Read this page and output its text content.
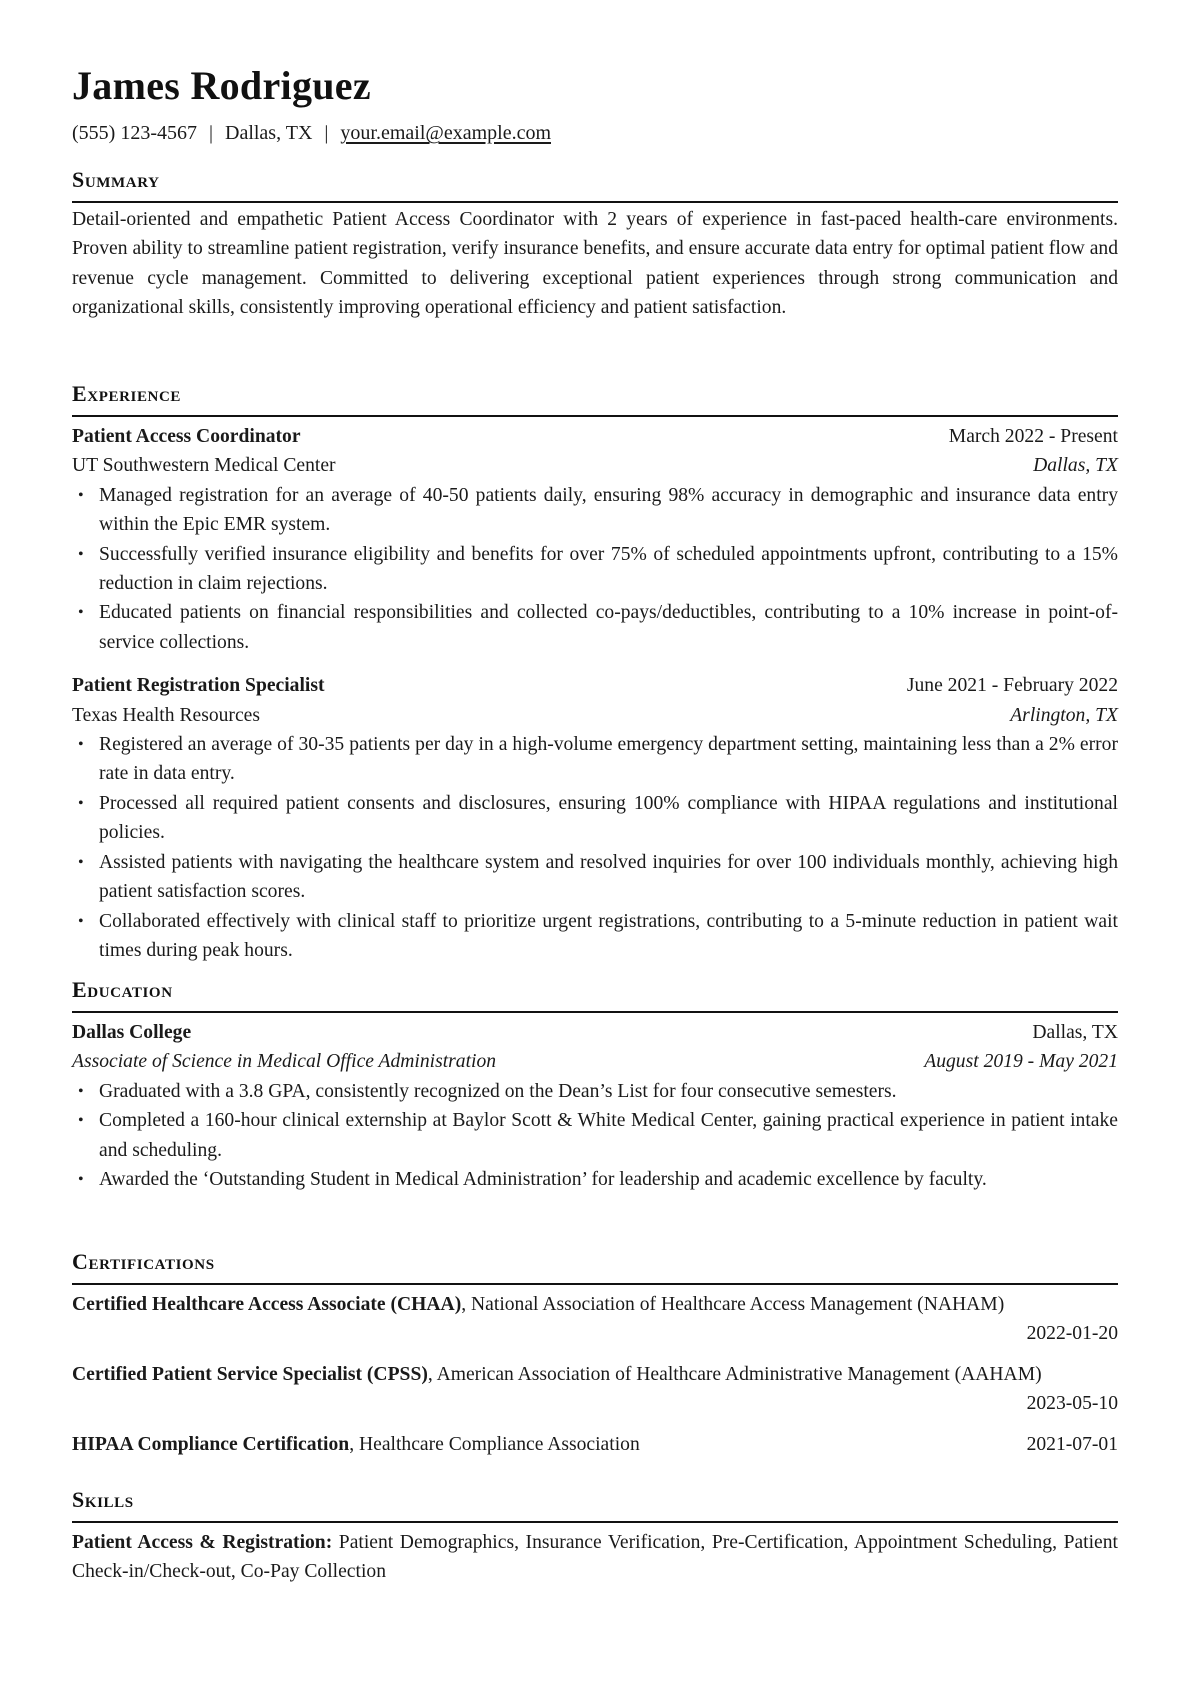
James Rodriguez
(555) 123-4567 | Dallas, TX | your.email@example.com
Summary
Detail-oriented and empathetic Patient Access Coordinator with 2 years of experience in fast-paced health-care environments. Proven ability to streamline patient registration, verify insurance benefits, and ensure accurate data entry for optimal patient flow and revenue cycle management. Committed to delivering exceptional patient experiences through strong communication and organizational skills, consistently improving operational efficiency and patient satisfaction.
Experience
Patient Access Coordinator	March 2022 - Present
UT Southwestern Medical Center	Dallas, TX
• Managed registration for an average of 40-50 patients daily, ensuring 98% accuracy in demographic and insurance data entry within the Epic EMR system.
• Successfully verified insurance eligibility and benefits for over 75% of scheduled appointments upfront, contributing to a 15% reduction in claim rejections.
• Educated patients on financial responsibilities and collected co-pays/deductibles, contributing to a 10% increase in point-of-service collections.
Patient Registration Specialist	June 2021 - February 2022
Texas Health Resources	Arlington, TX
• Registered an average of 30-35 patients per day in a high-volume emergency department setting, maintaining less than a 2% error rate in data entry.
• Processed all required patient consents and disclosures, ensuring 100% compliance with HIPAA regulations and institutional policies.
• Assisted patients with navigating the healthcare system and resolved inquiries for over 100 individuals monthly, achieving high patient satisfaction scores.
• Collaborated effectively with clinical staff to prioritize urgent registrations, contributing to a 5-minute reduction in patient wait times during peak hours.
Education
Dallas College	Dallas, TX
Associate of Science in Medical Office Administration	August 2019 - May 2021
• Graduated with a 3.8 GPA, consistently recognized on the Dean’s List for four consecutive semesters.
• Completed a 160-hour clinical externship at Baylor Scott & White Medical Center, gaining practical experience in patient intake and scheduling.
• Awarded the ‘Outstanding Student in Medical Administration’ for leadership and academic excellence by faculty.
Certifications
Certified Healthcare Access Associate (CHAA), National Association of Healthcare Access Management (NAHAM)
2022-01-20
Certified Patient Service Specialist (CPSS), American Association of Healthcare Administrative Management (AAHAM)
2023-05-10
HIPAA Compliance Certification, Healthcare Compliance Association	2021-07-01
Skills
Patient Access & Registration: Patient Demographics, Insurance Verification, Pre-Certification, Appointment Scheduling, Patient Check-in/Check-out, Co-Pay Collection
